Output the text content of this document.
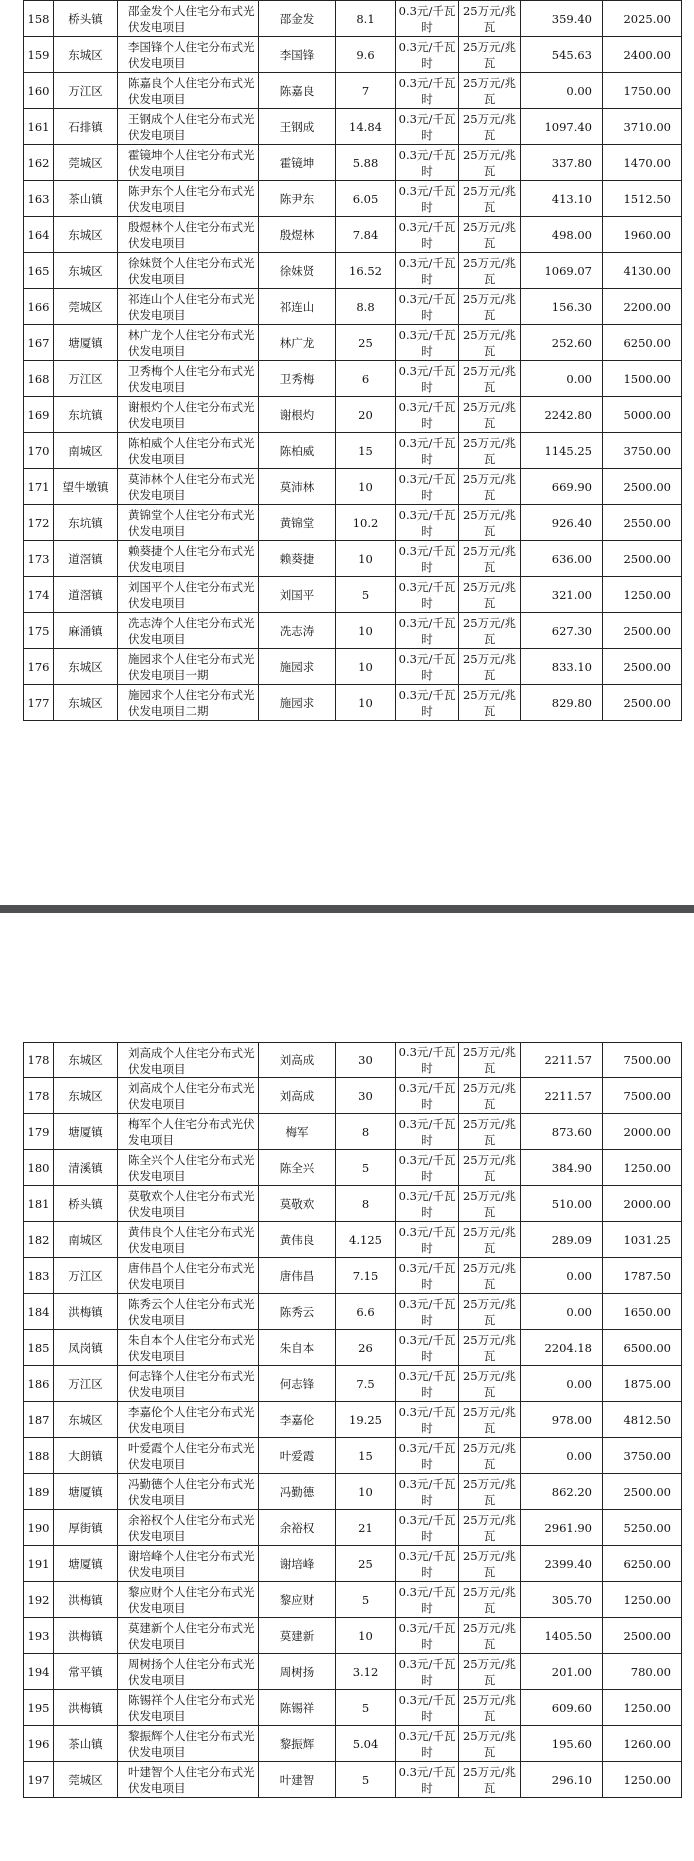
158	桥头镇	邵金发个人住宅分布式光伏发电项目	邵金发	8.1	0.3元/千瓦时	25万元/兆瓦	359.40	2025.00
159	东城区	李国锋个人住宅分布式光伏发电项目	李国锋	9.6	0.3元/千瓦时	25万元/兆瓦	545.63	2400.00
160	万江区	陈嘉良个人住宅分布式光伏发电项目	陈嘉良	7	0.3元/千瓦时	25万元/兆瓦	0.00	1750.00
161	石排镇	王钢成个人住宅分布式光伏发电项目	王钢成	14.84	0.3元/千瓦时	25万元/兆瓦	1097.40	3710.00
162	莞城区	霍镜坤个人住宅分布式光伏发电项目	霍镜坤	5.88	0.3元/千瓦时	25万元/兆瓦	337.80	1470.00
163	茶山镇	陈尹东个人住宅分布式光伏发电项目	陈尹东	6.05	0.3元/千瓦时	25万元/兆瓦	413.10	1512.50
164	东城区	殷煜林个人住宅分布式光伏发电项目	殷煜林	7.84	0.3元/千瓦时	25万元/兆瓦	498.00	1960.00
165	东城区	徐妹贤个人住宅分布式光伏发电项目	徐妹贤	16.52	0.3元/千瓦时	25万元/兆瓦	1069.07	4130.00
166	莞城区	祁连山个人住宅分布式光伏发电项目	祁连山	8.8	0.3元/千瓦时	25万元/兆瓦	156.30	2200.00
167	塘厦镇	林广龙个人住宅分布式光伏发电项目	林广龙	25	0.3元/千瓦时	25万元/兆瓦	252.60	6250.00
168	万江区	卫秀梅个人住宅分布式光伏发电项目	卫秀梅	6	0.3元/千瓦时	25万元/兆瓦	0.00	1500.00
169	东坑镇	谢根灼个人住宅分布式光伏发电项目	谢根灼	20	0.3元/千瓦时	25万元/兆瓦	2242.80	5000.00
170	南城区	陈柏威个人住宅分布式光伏发电项目	陈柏威	15	0.3元/千瓦时	25万元/兆瓦	1145.25	3750.00
171	望牛墩镇	莫沛林个人住宅分布式光伏发电项目	莫沛林	10	0.3元/千瓦时	25万元/兆瓦	669.90	2500.00
172	东坑镇	黄锦堂个人住宅分布式光伏发电项目	黄锦堂	10.2	0.3元/千瓦时	25万元/兆瓦	926.40	2550.00
173	道滘镇	赖葵捷个人住宅分布式光伏发电项目	赖葵捷	10	0.3元/千瓦时	25万元/兆瓦	636.00	2500.00
174	道滘镇	刘国平个人住宅分布式光伏发电项目	刘国平	5	0.3元/千瓦时	25万元/兆瓦	321.00	1250.00
175	麻涌镇	冼志涛个人住宅分布式光伏发电项目	冼志涛	10	0.3元/千瓦时	25万元/兆瓦	627.30	2500.00
176	东城区	施园求个人住宅分布式光伏发电项目一期	施园求	10	0.3元/千瓦时	25万元/兆瓦	833.10	2500.00
177	东城区	施园求个人住宅分布式光伏发电项目二期	施园求	10	0.3元/千瓦时	25万元/兆瓦	829.80	2500.00
178	东城区	刘高成个人住宅分布式光伏发电项目	刘高成	30	0.3元/千瓦时	25万元/兆瓦	2211.57	7500.00
178	东城区	刘高成个人住宅分布式光伏发电项目	刘高成	30	0.3元/千瓦时	25万元/兆瓦	2211.57	7500.00
179	塘厦镇	梅军个人住宅分布式光伏发电项目	梅军	8	0.3元/千瓦时	25万元/兆瓦	873.60	2000.00
180	清溪镇	陈全兴个人住宅分布式光伏发电项目	陈全兴	5	0.3元/千瓦时	25万元/兆瓦	384.90	1250.00
181	桥头镇	莫敬欢个人住宅分布式光伏发电项目	莫敬欢	8	0.3元/千瓦时	25万元/兆瓦	510.00	2000.00
182	南城区	黄伟良个人住宅分布式光伏发电项目	黄伟良	4.125	0.3元/千瓦时	25万元/兆瓦	289.09	1031.25
183	万江区	唐伟昌个人住宅分布式光伏发电项目	唐伟昌	7.15	0.3元/千瓦时	25万元/兆瓦	0.00	1787.50
184	洪梅镇	陈秀云个人住宅分布式光伏发电项目	陈秀云	6.6	0.3元/千瓦时	25万元/兆瓦	0.00	1650.00
185	凤岗镇	朱自本个人住宅分布式光伏发电项目	朱自本	26	0.3元/千瓦时	25万元/兆瓦	2204.18	6500.00
186	万江区	何志锋个人住宅分布式光伏发电项目	何志锋	7.5	0.3元/千瓦时	25万元/兆瓦	0.00	1875.00
187	东城区	李嘉伦个人住宅分布式光伏发电项目	李嘉伦	19.25	0.3元/千瓦时	25万元/兆瓦	978.00	4812.50
188	大朗镇	叶爱霞个人住宅分布式光伏发电项目	叶爱霞	15	0.3元/千瓦时	25万元/兆瓦	0.00	3750.00
189	塘厦镇	冯勤德个人住宅分布式光伏发电项目	冯勤德	10	0.3元/千瓦时	25万元/兆瓦	862.20	2500.00
190	厚街镇	余裕权个人住宅分布式光伏发电项目	余裕权	21	0.3元/千瓦时	25万元/兆瓦	2961.90	5250.00
191	塘厦镇	谢培峰个人住宅分布式光伏发电项目	谢培峰	25	0.3元/千瓦时	25万元/兆瓦	2399.40	6250.00
192	洪梅镇	黎应财个人住宅分布式光伏发电项目	黎应财	5	0.3元/千瓦时	25万元/兆瓦	305.70	1250.00
193	洪梅镇	莫建新个人住宅分布式光伏发电项目	莫建新	10	0.3元/千瓦时	25万元/兆瓦	1405.50	2500.00
194	常平镇	周树扬个人住宅分布式光伏发电项目	周树扬	3.12	0.3元/千瓦时	25万元/兆瓦	201.00	780.00
195	洪梅镇	陈锡祥个人住宅分布式光伏发电项目	陈锡祥	5	0.3元/千瓦时	25万元/兆瓦	609.60	1250.00
196	茶山镇	黎振辉个人住宅分布式光伏发电项目	黎振辉	5.04	0.3元/千瓦时	25万元/兆瓦	195.60	1260.00
197	莞城区	叶建智个人住宅分布式光伏发电项目	叶建智	5	0.3元/千瓦时	25万元/兆瓦	296.10	1250.00
